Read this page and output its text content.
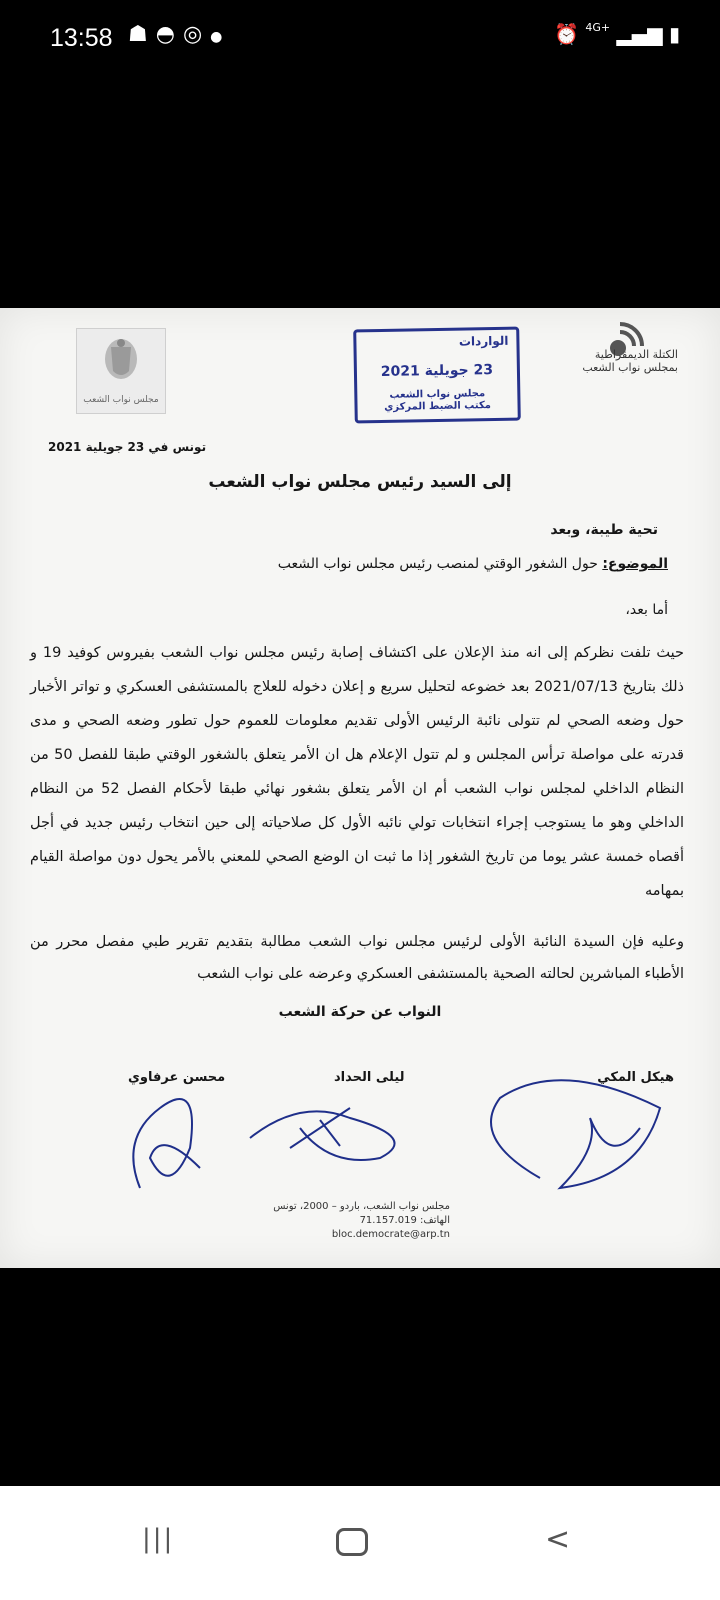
13:58 ☗◓◎●	⏰ 4G+ ▂▄▆ ▮
مجلس نواب الشعب
الواردات
23 جويلية 2021
مجلس نواب الشعب
مكتب الضبط المركزي
الكتلة الديمقراطية
بمجلس نواب الشعب
تونس في 23 جويلية 2021
إلى السيد رئيس مجلس نواب الشعب
تحية طيبة، وبعد
الموضوع: حول الشغور الوقتي لمنصب رئيس مجلس نواب الشعب
أما بعد،
حيث تلفت نظركم إلى انه منذ الإعلان على اكتشاف إصابة رئيس مجلس نواب الشعب بفيروس كوفيد 19 و ذلك بتاريخ 2021/07/13 بعد خضوعه لتحليل سريع و إعلان دخوله للعلاج بالمستشفى العسكري و تواتر الأخبار حول وضعه الصحي لم تتولى نائبة الرئيس الأولى تقديم معلومات للعموم حول تطور وضعه الصحي و مدى قدرته على مواصلة ترأس المجلس و لم تتول الإعلام هل ان الأمر يتعلق بالشغور الوقتي طبقا للفصل 50 من النظام الداخلي لمجلس نواب الشعب أم ان الأمر يتعلق بشغور نهائي طبقا لأحكام الفصل 52 من النظام الداخلي وهو ما يستوجب إجراء انتخابات تولي نائبه الأول كل صلاحياته إلى حين انتخاب رئيس جديد في أجل أقصاه خمسة عشر يوما من تاريخ الشغور إذا ما ثبت ان الوضع الصحي للمعني بالأمر يحول دون مواصلة القيام بمهامه
وعليه فإن السيدة النائبة الأولى لرئيس مجلس نواب الشعب مطالبة بتقديم تقرير طبي مفصل محرر من الأطباء المباشرين لحالته الصحية بالمستشفى العسكري وعرضه على نواب الشعب
النواب عن حركة الشعب
هيكل المكي
ليلى الحداد
محسن عرفاوي
مجلس نواب الشعب، باردو – 2000، تونس
الهاتف: 71.157.019
bloc.democrate@arp.tn
|||	<
